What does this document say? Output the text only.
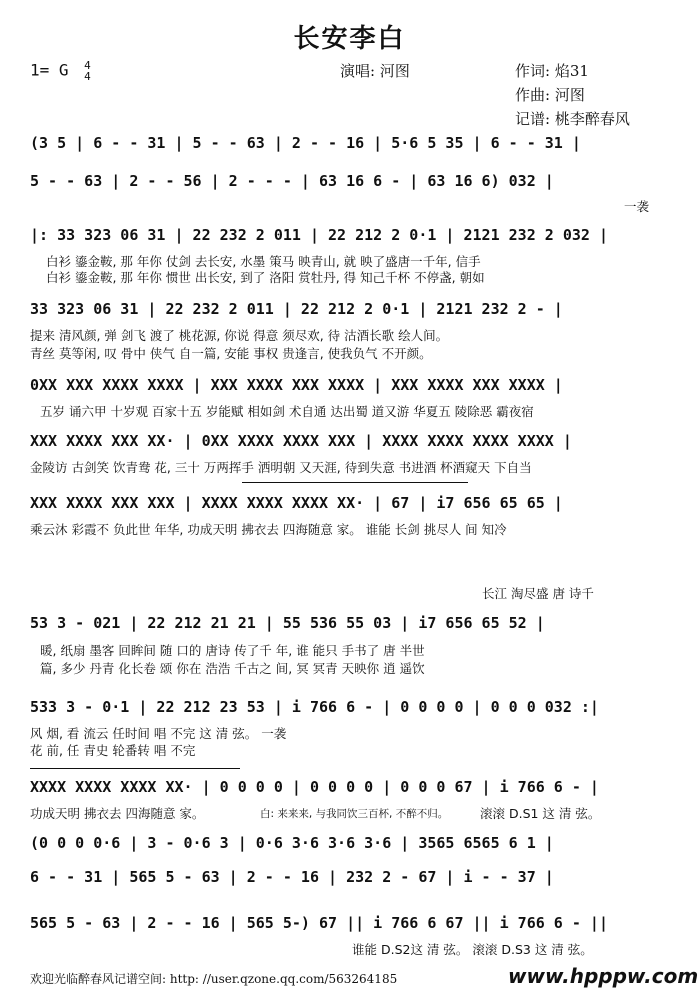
长安李白
1= G 4
4	演唱: 河图	作词: 焰31
作曲: 河图
记谱: 桃李醉春风
(3 5 | 6 - - 31 | 5 - - 63 | 2 - - 16 | 5·6 5 35 | 6 - - 31 |
5 - - 63 | 2 - - 56 | 2 - - - | 63 16 6 - | 63 16 6) 032 |
一袭
|: 33 323 06 31 | 22 232 2 011 | 22 212 2 0·1 | 2121 232 2 032 |
白衫 鎏金鞍, 那 年你 仗剑 去长安, 水墨 策马 映青山, 就 映了盛唐一千年, 信手
白衫 鎏金鞍, 那 年你 惯世 出长安, 到了 洛阳 赏牡丹, 得 知己千杯 不停盏, 朝如
33 323 06 31 | 22 232 2 011 | 22 212 2 0·1 | 2121 232 2 - |
提来 清风颜, 弹 剑飞 渡了 桃花源, 你说 得意 须尽欢, 待 沽酒长歌 绘人间。
青丝 莫等闲, 叹 骨中 侠气 自一篇, 安能 事权 贵逢言, 使我负气 不开颜。
0XX XXX XXXX XXXX | XXX XXXX XXX XXXX | XXX XXXX XXX XXXX |
五岁 诵六甲 十岁观 百家十五 岁能赋 相如剑 术自通 达出蜀 道又游 华夏五 陵除恶 霸夜宿
XXX XXXX XXX XX· | 0XX XXXX XXXX XXX | XXXX XXXX XXXX XXXX |
金陵访 古剑笑 饮青鸯 花, 三十 万两挥手 洒明朝 又天涯, 待到失意 书进酒 杯酒窥天 下自当
XXX XXXX XXX XXX | XXXX XXXX XXXX XX· | 67 | i7 656 65 65 |
乘云沐 彩霞不 负此世 年华, 功成天明 拂衣去 四海随意 家。 谁能 长剑 挑尽人 间 知冷
长江 淘尽盛 唐 诗千
53 3 - 021 | 22 212 21 21 | 55 536 55 03 | i7 656 65 52 |
暖, 纸扇 墨客 回眸间 随 口的 唐诗 传了千 年, 谁 能只 手书了 唐 半世
篇, 多少 丹青 化长卷 颂 你在 浩浩 千古之 间, 冥 冥青 天映你 逍 遥饮
533 3 - 0·1 | 22 212 23 53 | i 766 6 - | 0 0 0 0 | 0 0 0 032 :|
风 烟, 看 流云 任时间 唱 不完 这 清 弦。 一袭
花 前, 任 青史 轮番转 唱 不完
XXXX XXXX XXXX XX· | 0 0 0 0 | 0 0 0 0 | 0 0 0 67 | i 766 6 - |
功成天明 拂衣去 四海随意 家。	白: 来来来, 与我同饮三百杯, 不醉不归。	滚滚 D.S1 这 清 弦。
(0 0 0 0·6 | 3 - 0·6 3 | 0·6 3·6 3·6 3·6 | 3565 6565 6 1 |
6 - - 31 | 565 5 - 63 | 2 - - 16 | 232 2 - 67 | i - - 37 |
565 5 - 63 | 2 - - 16 | 565 5-) 67 || i 766 6 67 || i 766 6 - ||
谁能 D.S2这 清 弦。 滚滚 D.S3 这 清 弦。
欢迎光临醉春风记谱空间: http: //user.qzone.qq.com/563264185	www.hpppw.com
